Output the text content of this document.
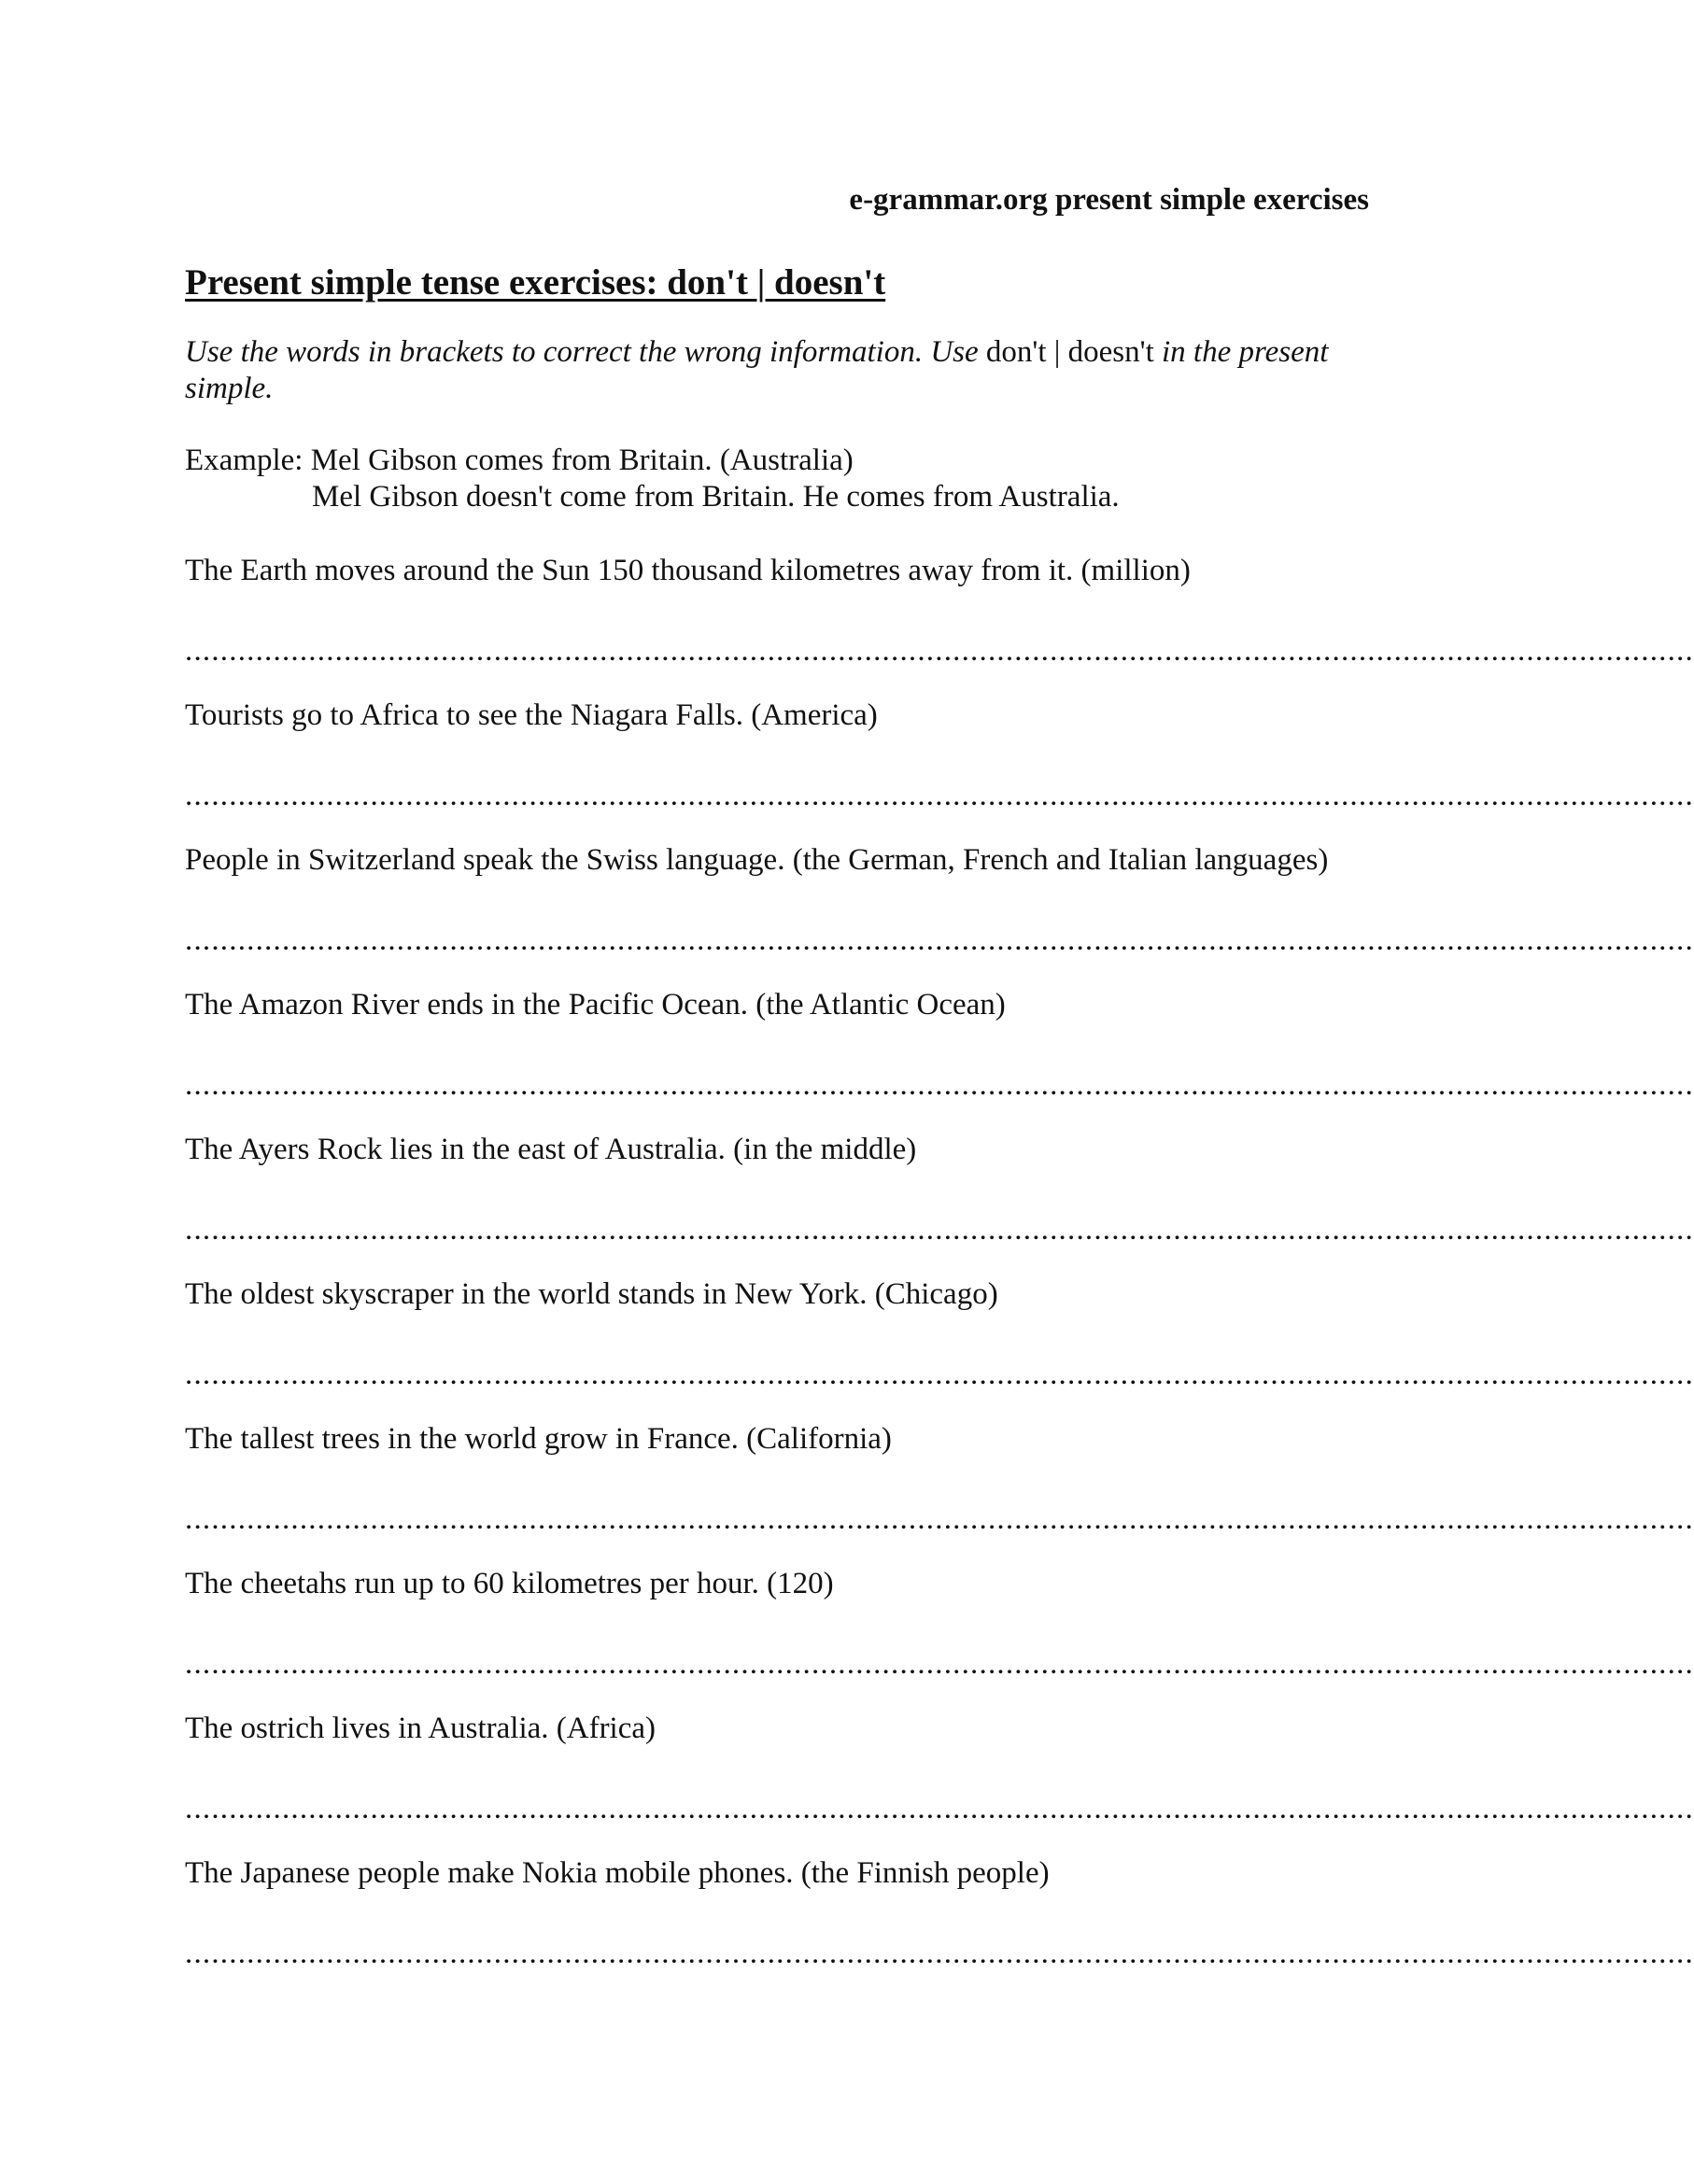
e-grammar.org present simple exercises
Present simple tense exercises: don't | doesn't
Use the words in brackets to correct the wrong information. Use don't | doesn't in the present simple.
Example: Mel Gibson comes from Britain. (Australia)
Mel Gibson doesn't come from Britain. He comes from Australia.
The Earth moves around the Sun 150 thousand kilometres away from it. (million)
...........................................................................................................................................................................
Tourists go to Africa to see the Niagara Falls. (America)
...........................................................................................................................................................................
People in Switzerland speak the Swiss language. (the German, French and Italian languages)
...........................................................................................................................................................................
The Amazon River ends in the Pacific Ocean. (the Atlantic Ocean)
...........................................................................................................................................................................
The Ayers Rock lies in the east of Australia. (in the middle)
...........................................................................................................................................................................
The oldest skyscraper in the world stands in New York. (Chicago)
...........................................................................................................................................................................
The tallest trees in the world grow in France. (California)
...........................................................................................................................................................................
The cheetahs run up to 60 kilometres per hour. (120)
...........................................................................................................................................................................
The ostrich lives in Australia. (Africa)
...........................................................................................................................................................................
The Japanese people make Nokia mobile phones. (the Finnish people)
...........................................................................................................................................................................
